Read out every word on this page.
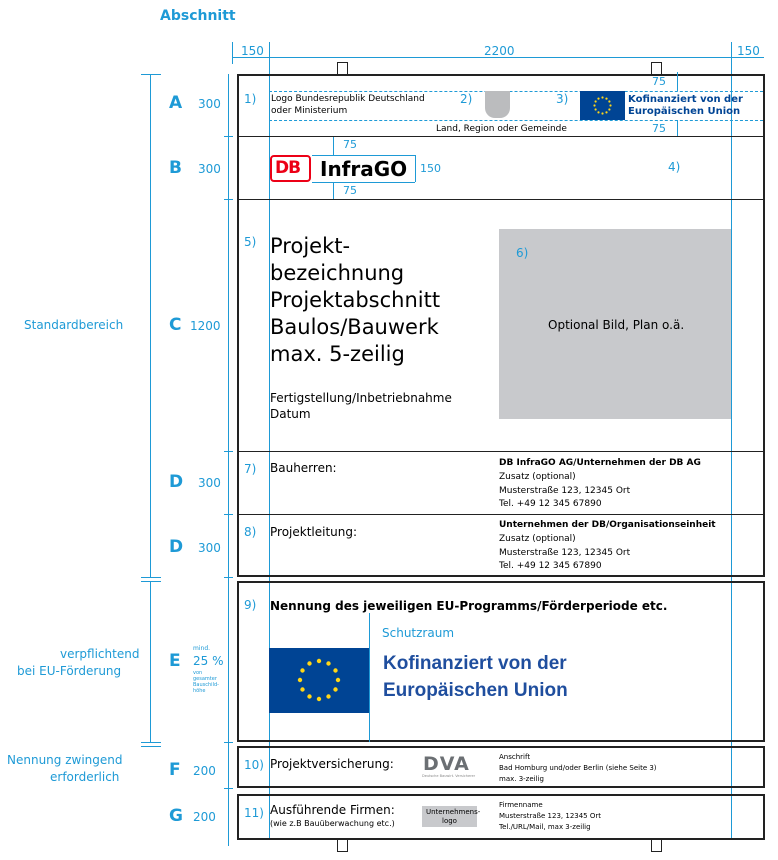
Abschnitt
150	2200	150
Standardbereich
verpflichtend
bei EU-Förderung
Nennung zwingend
erforderlich
A 300
B 300
C 1200
D 300
D 300
E
mind.
25 %
von
gesamter
Bauschild-
höhe
F 200
G 200
1) Logo Bundesrepublik Deutschland
oder Ministerium
2)	3)	Kofinanziert von der
Europäischen Union
75
75
Land, Region oder Gemeinde
DB InfraGO
75
150
75
4)
5) Projekt-
bezeichnung
Projektabschnitt
Baulos/Bauwerk
max. 5-zeilig
Fertigstellung/Inbetriebnahme
Datum
6)
Optional Bild, Plan o.ä.
7) Bauherren:	DB InfraGO AG/Unternehmen der DB AG
Zusatz (optional)
Musterstraße 123, 12345 Ort
Tel. +49 12 345 67890
8) Projektleitung:	Unternehmen der DB/Organisationseinheit
Zusatz (optional)
Musterstraße 123, 12345 Ort
Tel. +49 12 345 67890
9) Nennung des jeweiligen EU-Programms/Förderperiode etc.
Schutzraum
Kofinanziert von der
Europäischen Union
10) Projektversicherung: DVA
Deutsche Bauwirt. Versicherer
Anschrift
Bad Homburg und/oder Berlin (siehe Seite 3)
max. 3-zeilig
11) Ausführende Firmen:
(wie z.B Bauüberwachung etc.)
Unternehmens-
logo
Firmenname
Musterstraße 123, 12345 Ort
Tel./URL/Mail, max 3-zeilig
